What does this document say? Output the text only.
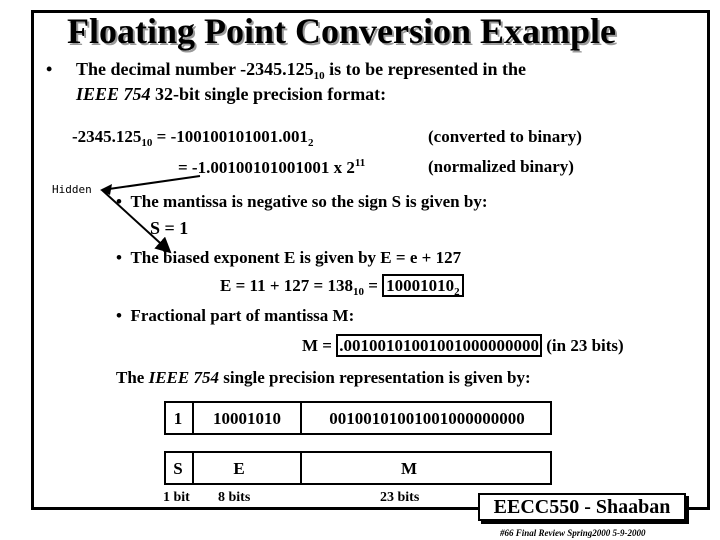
Floating Point Conversion Example
• The decimal number $-2345.125_{10}$ is to be represented in the
IEEE 754 32-bit single precision format:
$-2345.125_{10} = -100100101001.001_2$	(converted to binary)
= -1.00100101001001 x $2^{11}$	(normalized binary)
Hidden
• The mantissa is negative so the sign S is given by:
S = 1
• The biased exponent E is given by E = e + 127
$E = 11 + 127 = 138_{10} = 10001010_2$
• Fractional part of mantissa M:
M = .00100101001001000000000 (in 23 bits)
The IEEE 754 single precision representation is given by:
1	10001010	00100101001001000000000
S	E	M
1 bit 8 bits	23 bits	EECC550 - Shaaban
#66 Final Review Spring2000 5-9-2000
